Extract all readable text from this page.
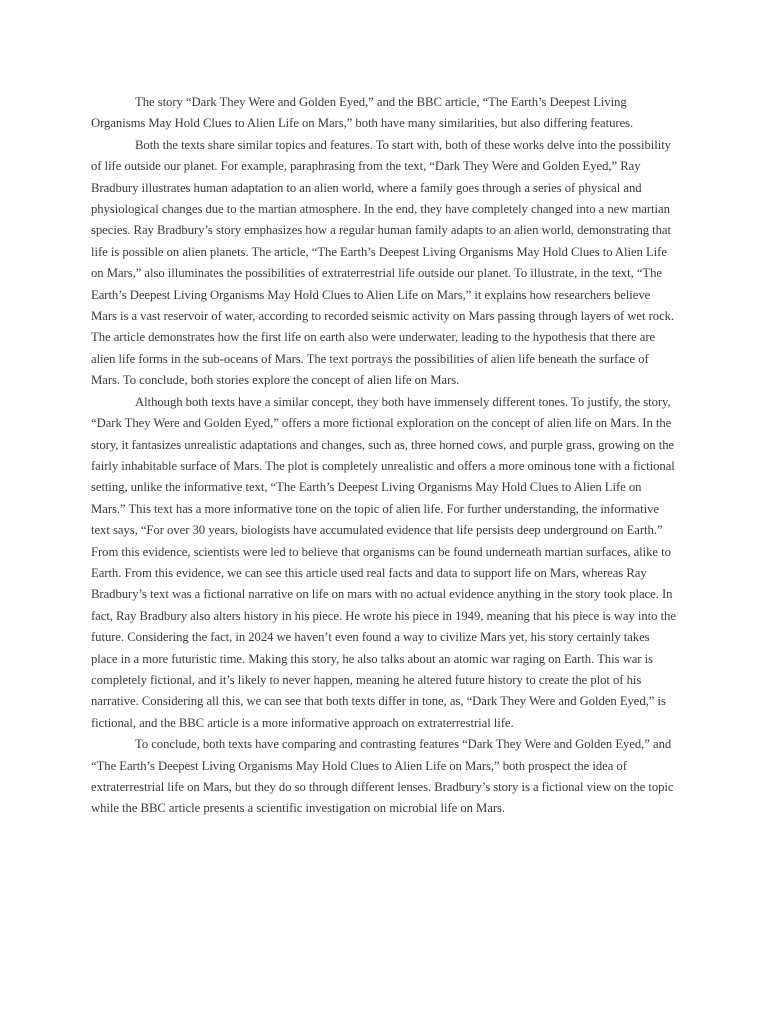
The story “Dark They Were and Golden Eyed,” and the BBC article, “The Earth’s Deepest Living Organisms May Hold Clues to Alien Life on Mars,” both have many similarities, but also differing features.

Both the texts share similar topics and features. To start with, both of these works delve into the possibility of life outside our planet. For example, paraphrasing from the text, “Dark They Were and Golden Eyed,” Ray Bradbury illustrates human adaptation to an alien world, where a family goes through a series of physical and physiological changes due to the martian atmosphere. In the end, they have completely changed into a new martian species. Ray Bradbury’s story emphasizes how a regular human family adapts to an alien world, demonstrating that life is possible on alien planets. The article, “The Earth’s Deepest Living Organisms May Hold Clues to Alien Life on Mars,” also illuminates the possibilities of extraterrestrial life outside our planet. To illustrate, in the text, “The Earth’s Deepest Living Organisms May Hold Clues to Alien Life on Mars,” it explains how researchers believe Mars is a vast reservoir of water, according to recorded seismic activity on Mars passing through layers of wet rock. The article demonstrates how the first life on earth also were underwater, leading to the hypothesis that there are alien life forms in the sub-oceans of Mars. The text portrays the possibilities of alien life beneath the surface of Mars. To conclude, both stories explore the concept of alien life on Mars.

Although both texts have a similar concept, they both have immensely different tones. To justify, the story, “Dark They Were and Golden Eyed,” offers a more fictional exploration on the concept of alien life on Mars. In the story, it fantasizes unrealistic adaptations and changes, such as, three horned cows, and purple grass, growing on the fairly inhabitable surface of Mars. The plot is completely unrealistic and offers a more ominous tone with a fictional setting, unlike the informative text, “The Earth’s Deepest Living Organisms May Hold Clues to Alien Life on Mars.” This text has a more informative tone on the topic of alien life. For further understanding, the informative text says, “For over 30 years, biologists have accumulated evidence that life persists deep underground on Earth.” From this evidence, scientists were led to believe that organisms can be found underneath martian surfaces, alike to Earth. From this evidence, we can see this article used real facts and data to support life on Mars, whereas Ray Bradbury’s text was a fictional narrative on life on mars with no actual evidence anything in the story took place. In fact, Ray Bradbury also alters history in his piece. He wrote his piece in 1949, meaning that his piece is way into the future. Considering the fact, in 2024 we haven’t even found a way to civilize Mars yet, his story certainly takes place in a more futuristic time. Making this story, he also talks about an atomic war raging on Earth. This war is completely fictional, and it’s likely to never happen, meaning he altered future history to create the plot of his narrative. Considering all this, we can see that both texts differ in tone, as, “Dark They Were and Golden Eyed,” is fictional, and the BBC article is a more informative approach on extraterrestrial life.

To conclude, both texts have comparing and contrasting features “Dark They Were and Golden Eyed,” and “The Earth’s Deepest Living Organisms May Hold Clues to Alien Life on Mars,” both prospect the idea of extraterrestrial life on Mars, but they do so through different lenses. Bradbury’s story is a fictional view on the topic while the BBC article presents a scientific investigation on microbial life on Mars.
